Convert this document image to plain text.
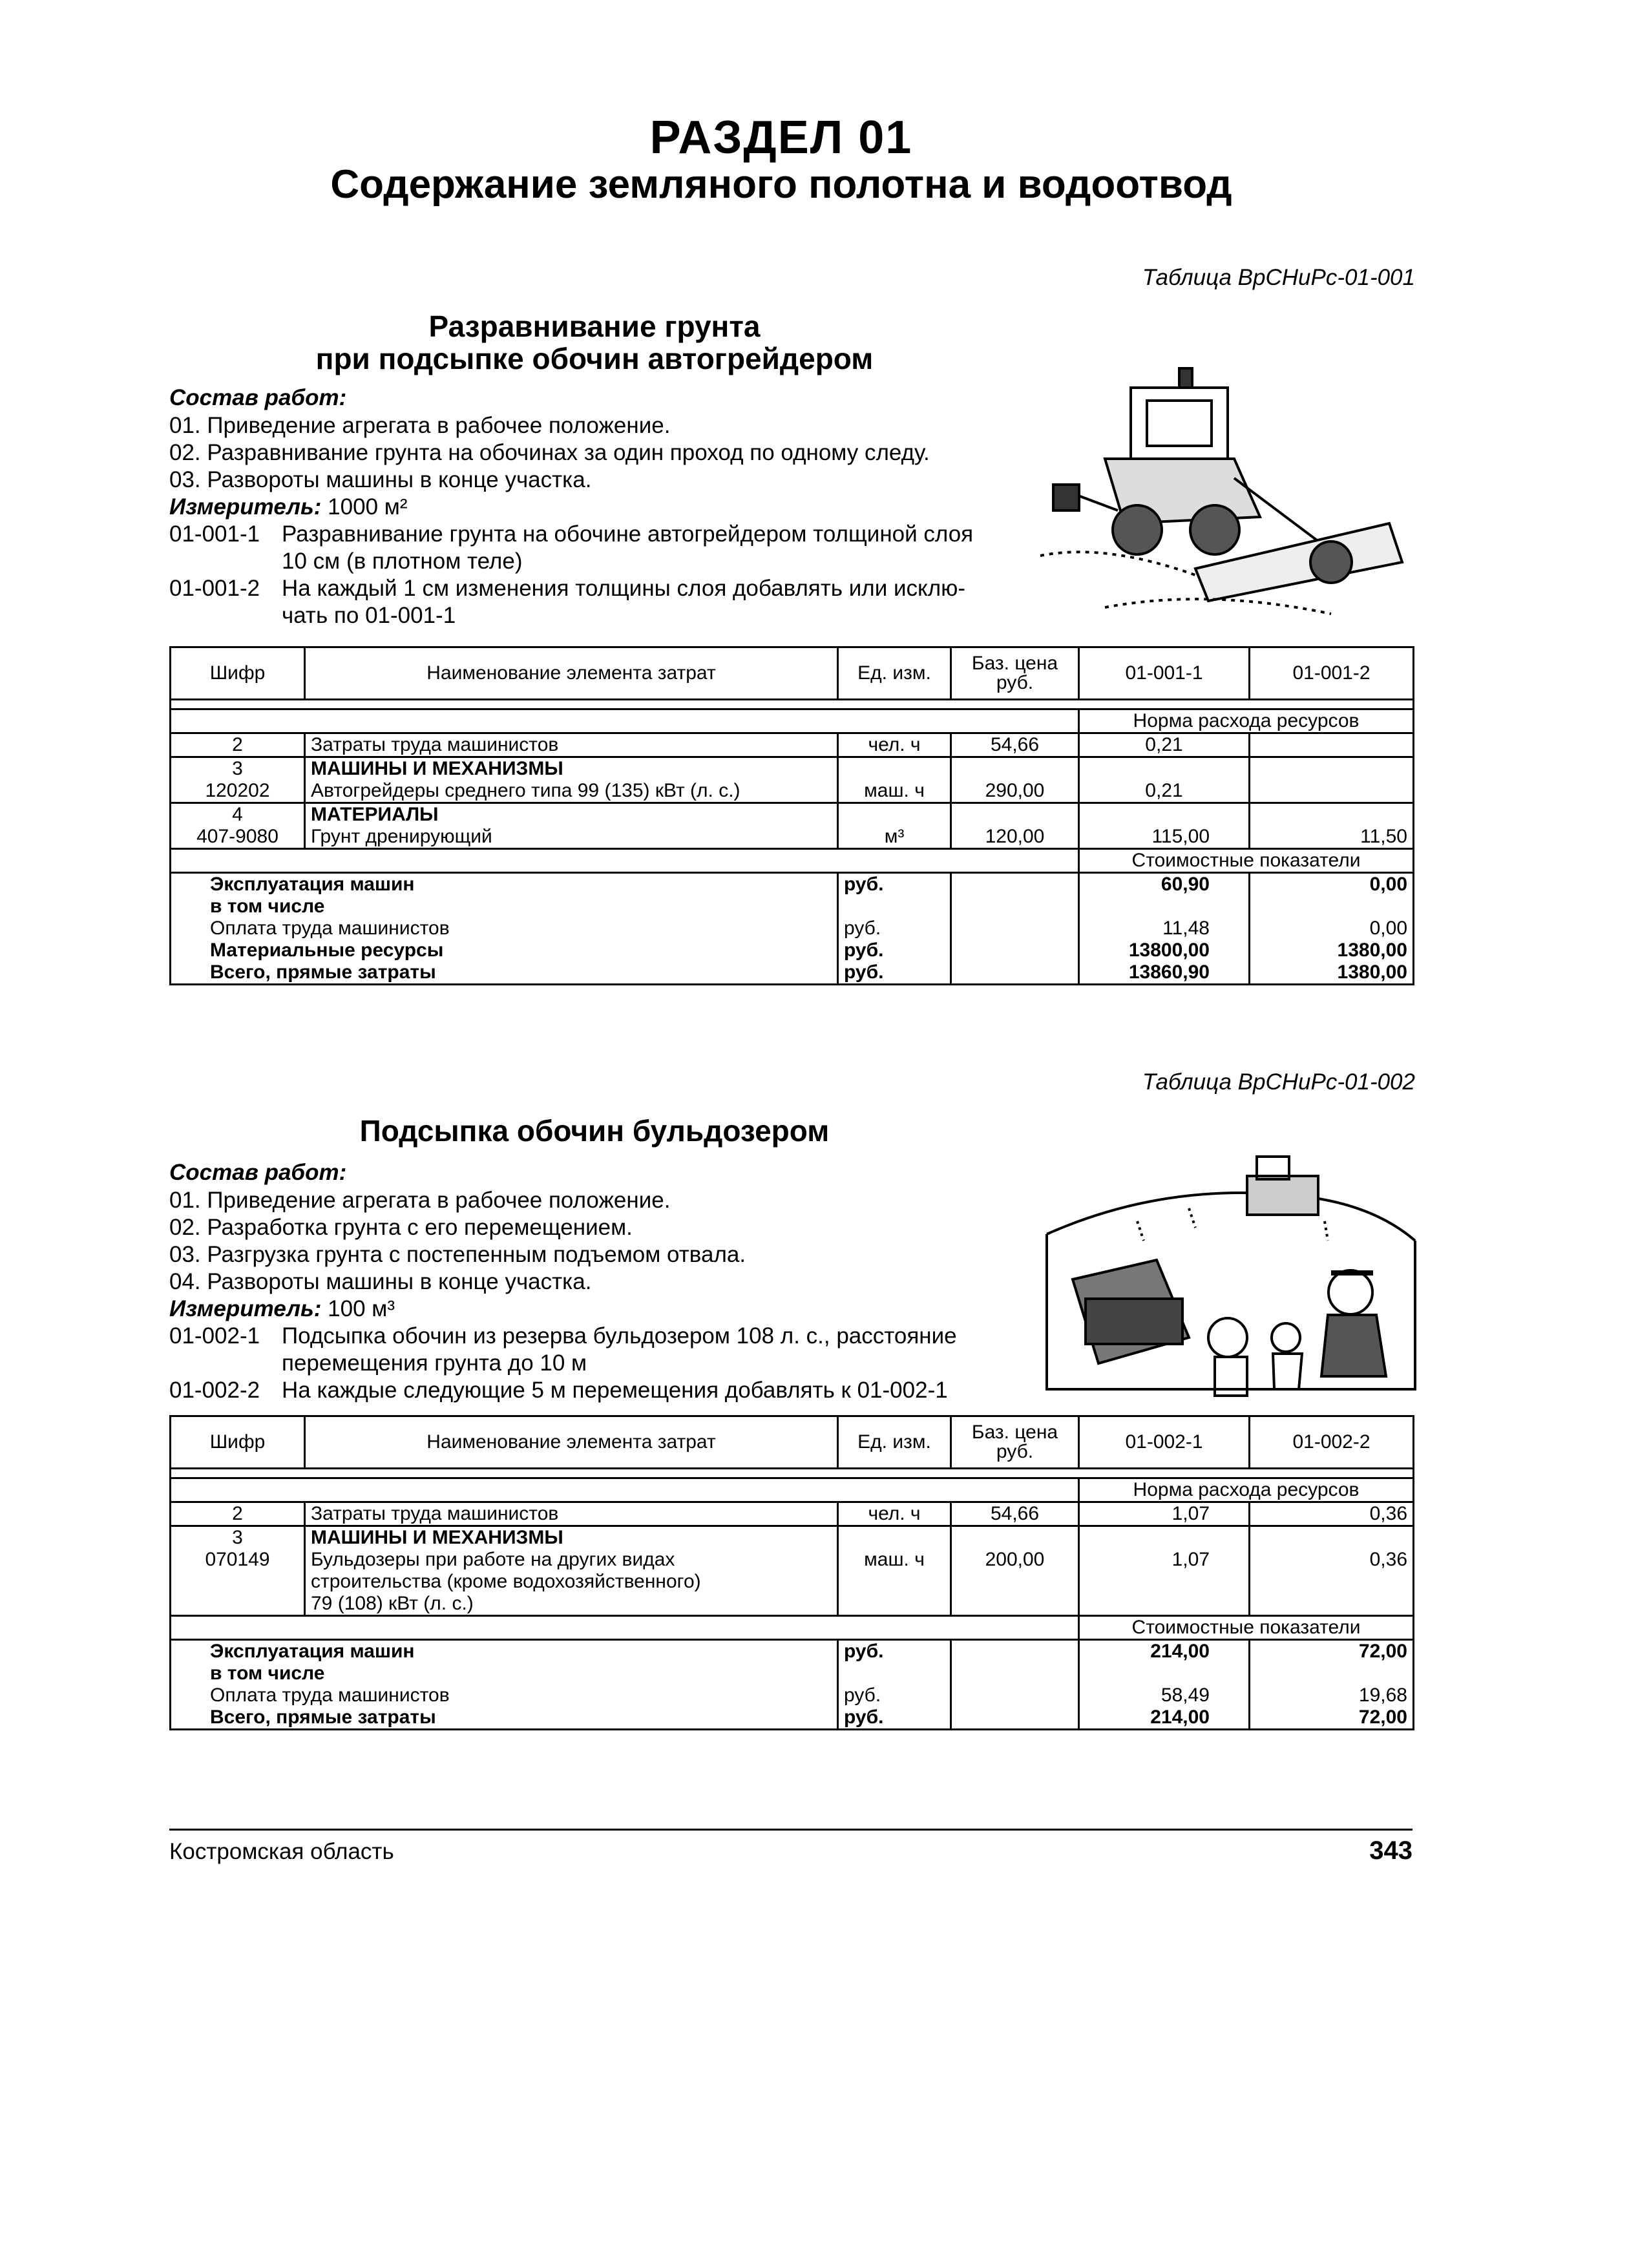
РАЗДЕЛ 01
Содержание земляного полотна и водоотвод
Таблица ВрСНиРс-01-001
Разравнивание грунта
при подсыпке обочин автогрейдером
Состав работ:
01. Приведение агрегата в рабочее положение.
02. Разравнивание грунта на обочинах за один проход по одному следу.
03. Развороты машины в конце участка.
Измеритель: 1000 м²
01-001-1 Разравнивание грунта на обочине автогрейдером толщиной слоя
10 см (в плотном теле)
01-001-2 На каждый 1 см изменения толщины слоя добавлять или исклю-
чать по 01-001-1
Шифр	Наименование элемента затрат	Ед. изм.	Баз. цена руб.	01-001-1	01-001-2

				Норма расхода ресурсов	
2	Затраты труда машинистов	чел. ч	54,66	0,21	
3	МАШИНЫ И МЕХАНИЗМЫ				
120202	Автогрейдеры среднего типа 99 (135) кВт (л. с.)	маш. ч	290,00	0,21	
4	МАТЕРИАЛЫ				
407-9080	Грунт дренирующий	м³	120,00	115,00	11,50
				Стоимостные показатели	
Эксплуатация машин		руб.		60,90	0,00
в том числе					
Оплата труда машинистов		руб.		11,48	0,00
Материальные ресурсы		руб.		13800,00	1380,00
Всего, прямые затраты		руб.		13860,90	1380,00
Таблица ВрСНиРс-01-002
Подсыпка обочин бульдозером
Состав работ:
01. Приведение агрегата в рабочее положение.
02. Разработка грунта с его перемещением.
03. Разгрузка грунта с постепенным подъемом отвала.
04. Развороты машины в конце участка.
Измеритель: 100 м³
01-002-1 Подсыпка обочин из резерва бульдозером 108 л. с., расстояние
перемещения грунта до 10 м
01-002-2 На каждые следующие 5 м перемещения добавлять к 01-002-1
Шифр	Наименование элемента затрат	Ед. изм.	Баз. цена руб.	01-002-1	01-002-2

				Норма расхода ресурсов	
2	Затраты труда машинистов	чел. ч	54,66	1,07	0,36
3	МАШИНЫ И МЕХАНИЗМЫ				
070149	Бульдозеры при работе на других видах
строительства (кроме водохозяйственного)
79 (108) кВт (л. с.)	маш. ч	200,00	1,07	0,36
				Стоимостные показатели	
Эксплуатация машин		руб.		214,00	72,00
в том числе					
Оплата труда машинистов		руб.		58,49	19,68
Всего, прямые затраты		руб.		214,00	72,00
Костромская область	343
